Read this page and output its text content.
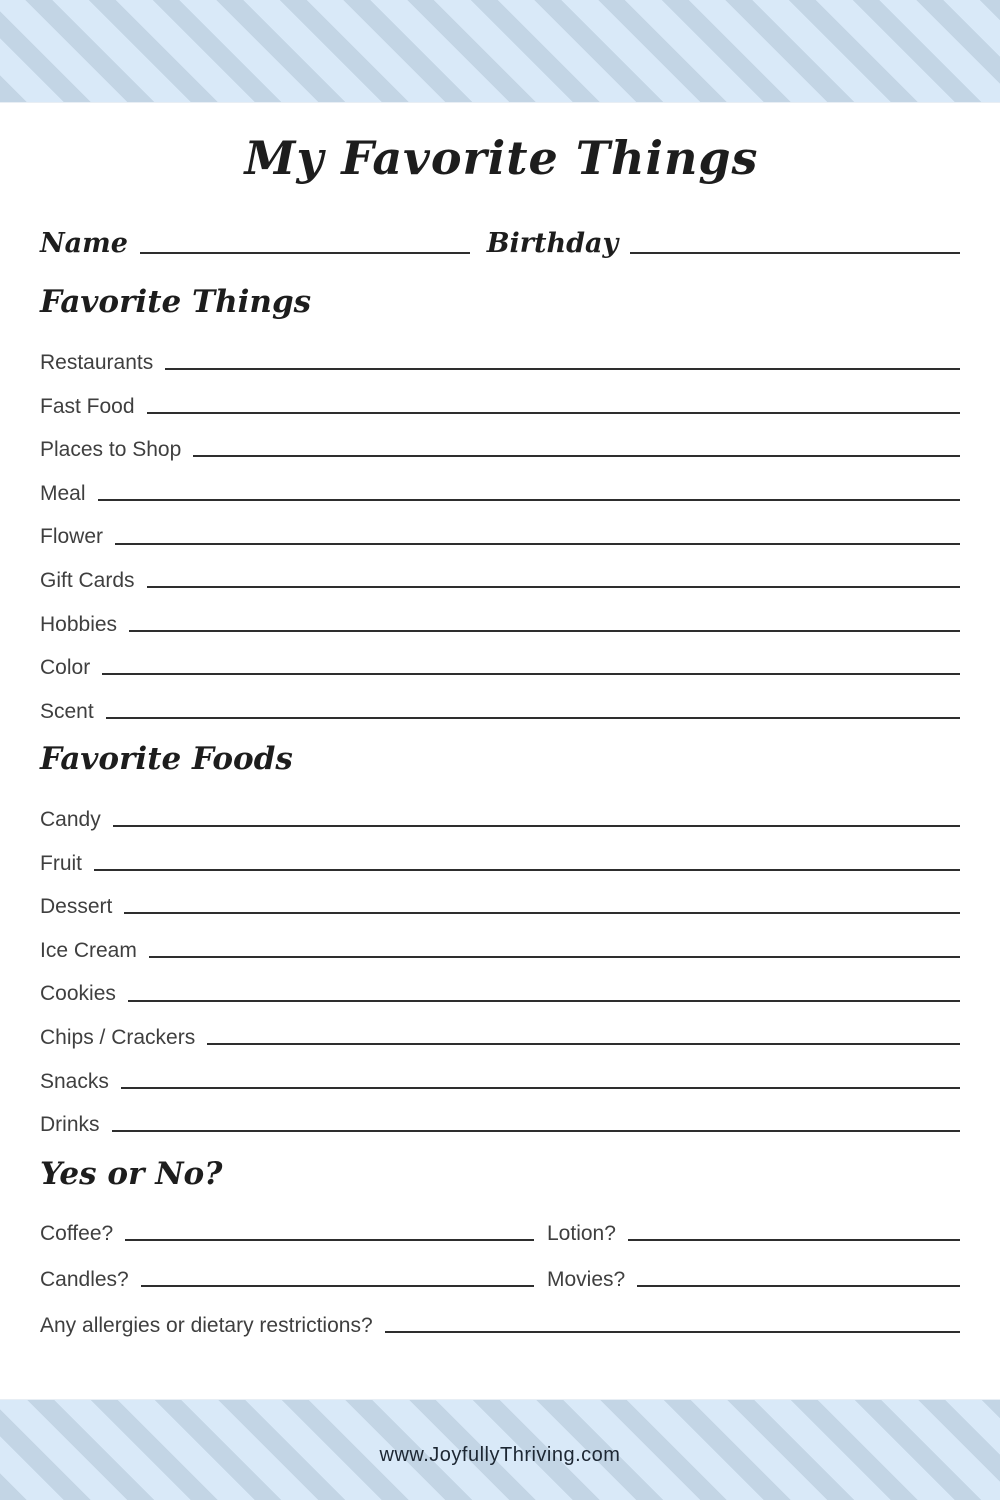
My Favorite Things
Name	Birthday
Favorite Things
Restaurants
Fast Food
Places to Shop
Meal
Flower
Gift Cards
Hobbies
Color
Scent
Favorite Foods
Candy
Fruit
Dessert
Ice Cream
Cookies
Chips / Crackers
Snacks
Drinks
Yes or No?
Coffee?	Lotion?
Candles?	Movies?
Any allergies or dietary restrictions?
www.JoyfullyThriving.com
